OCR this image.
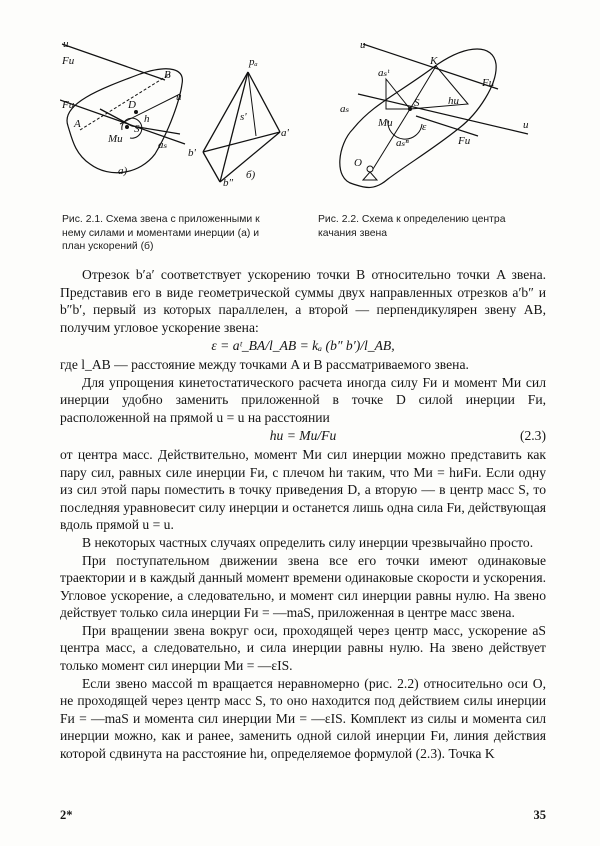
u
Fи
Fи
u
B
A
D
S
h
Mи	aₛ
а)
pₐ
s'
a'
b'
b″
б)
u
aₛᵗ
K
Fи
u
aₛ
hи
Mи
S
ε
aₛⁿ	Fи
O
Рис. 2.1. Схема звена с приложенными к нему силами и моментами инерции (а) и план ускорений (б)
Рис. 2.2. Схема к определению центра качания звена

Отрезок b′a′ соответствует ускорению точки B относительно точки A звена. Представив его в виде геометрической суммы двух направленных отрезков a′b″ и b″b′, первый из которых параллелен, а второй — перпендикулярен звену AB, получим угловое ускорение звена:

ε = aᵗ_BA/l_AB = kₐ (b″ b′)/l_AB,

где l_AB — расстояние между точками A и B рассматриваемого звена.

Для упрощения кинетостатического расчета иногда силу Fи и момент Mи сил инерции удобно заменить приложенной в точке D силой инерции Fи, расположенной на прямой u = u на расстоянии

hи = Mи/Fи	(2.3)

от центра масс. Действительно, момент Mи сил инерции можно представить как пару сил, равных силе инерции Fи, с плечом hи таким, что Mи = hиFи. Если одну из сил этой пары поместить в точку приведения D, а вторую — в центр масс S, то последняя уравновесит силу инерции и останется лишь одна сила Fи, действующая вдоль прямой u = u.

В некоторых частных случаях определить силу инерции чрезвычайно просто.

При поступательном движении звена все его точки имеют одинаковые траектории и в каждый данный момент времени одинаковые скорости и ускорения. Угловое ускорение, а следовательно, и момент сил инерции равны нулю. На звено действует только сила инерции Fи = —maS, приложенная в центре масс звена.

При вращении звена вокруг оси, проходящей через центр масс, ускорение aS центра масс, а следовательно, и сила инерции равны нулю. На звено действует только момент сил инерции Mи = —εIS.

Если звено массой m вращается неравномерно (рис. 2.2) относительно оси O, не проходящей через центр масс S, то оно находится под действием силы инерции Fи = —maS и момента сил инерции Mи = —εIS. Комплект из силы и момента сил инерции можно, как и ранее, заменить одной силой инерции Fи, линия действия которой сдвинута на расстояние hи, определяемое формулой (2.3). Точка K

2*	35
